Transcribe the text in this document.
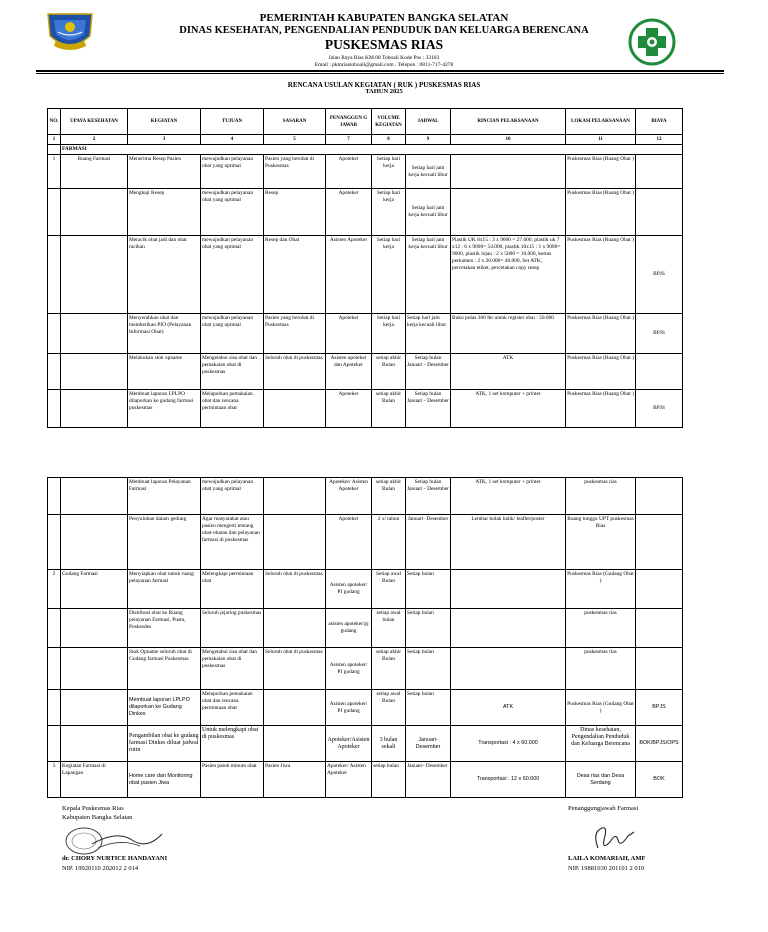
PEMERINTAH KABUPATEN BANGKA SELATAN
DINAS KESEHATAN, PENGENDALIAN PENDUDUK DAN KELUARGA BERENCANA
PUSKESMAS RIAS
Jalan Raya Rias KM.08 Toboali Kode Pos : 33183
Email : pkmriastoboali@gmail.com . Telepon : 0811-717-4278
RENCANA USULAN KEGIATAN ( RUK ) PUSKESMAS RIAS
TAHUN 2025
NO.	UPAYA KESEHATAN	KEGIATAN	TUJUAN	SASARAN	PENANGGUN G JAWAB	VOLUME KEGIATAN	JADWAL	RINCIAN PELAKSANAAN	LOKASI PELAKSANAAN	BIAYA
1	2	3	4	5	7	8	9	10	11	12
	FARMASI									
1	Ruang Farmasi	Menerima Resep Pasien	mewujudkan pelayanan obat yang optimal	Pasien yang berobat di Puskesmas	Apoteker	Setiap hari kerja	Setiap hari jam kerja kecuali libur		Puskesmas Rias (Ruang Obat )	
		Mengkaji Resep	mewujudkan pelayanan obat yang optimal	Resep	Apoteker	Setiap hari kerja	Setiap hari jam kerja kecuali libur		Puskesmas Rias (Ruang Obat )	
		Meracik obat jadi dan obat racikan	mewujudkan pelayanan obat yang optimal	Resep dan Obat	Asisten Apoteker	Setiap hari kerja	Setiap hari jam kerja kecuali libur	Plastik UK 8x15 : 3 x 9000 = 27.000, plastik uk 7 x12 : 6 x 9000= 54.000, plastik 10x15 : 1 x 9000= 9000, plastik lojau : 2 x 5000 = 10.000, kertas perkamen : 2 x 20.000= 40.000, Set ATK, percetakan etiket, percetakan copy resep	Puskesmas Rias (Ruang Obat )	BPJS
		Menyerahkan obat dan memberikan PIO (Pelayanan Informasi Obat)	mewujudkan pelayanan obat yang optimal	Pasien yang berobat di Puskesmas	Apoteker	Setiap hari kerja	Setiap hari jam kerja kecuali libur	Buku polas 300 lbr untuk register obat : 50.000	Puskesmas Rias (Ruang Obat )	BPJS
		Melakukan stok opname	Mengetahui sisa obat dan pemakaian obat di puskesmas	Seluruh obat di puskesmas	Asisten apoteker dan Apoteker	setiap akhir Bulan	Setiap bulan Januari - Desember	ATK	Puskesmas Rias (Ruang Obat )	
		Membuat laporan LPLPO dilaporkan ke gudang farmasi puskesmas	Melaporkan pemakaian obat dan rencana permintaan obat		Apoteker	setiap akhir Bulan	Setiap bulan Januari - Desember	ATK, 1 set komputer + printer	Puskesmas Rias (Ruang Obat )	BPJS
		Membuat laporan Pelayanan Farmasi	mewujudkan pelayanan obat yang optimal		Apoteker/ Asisten Apoteker	setiap akhir Bulan	Setiap bulan Januari - Desember	ATK, 1 set komputer + printer	puskesmas rias	
		Penyuluhan dalam gedung	Agar masyarakat atau pasien mengerti tentang obat-obatan dan pelayanan farmasi di puskesmas		Apoteker	2 x/ tahun	Januari- Desember	Lembar bolak balik/ leaflet/poster	Ruang tunggu UPT puskesmas Rias	
2	Gudang Farmasi	Menyiapkan obat untuk ruang pelayanan farmasi	Melengkapi permintaan obat	Seluruh obat di puskesmas	Asisten apoteker/ PJ gudang	Setiap awal Bulan	Setiap bulan		Puskesmas Rias (Gudang Obat )	
		Distribusi obat ke Ruang pelayanan Farmasi, Pustu, Poskesdes	Seluruh jejaring puskesmas		asisten apoteker/pj gudang	setiap awal bulan	Setiap bulan		puskesmas rias	
		Stok Opname seluruh obat di Gudang farmasi Puskesmas	Mengetahui sisa obat dan pemakaian obat di puskesmas	Seluruh obat di puskesmas	Asisten apoteker/ PJ gudang	setiap akhir Bulan	Setiap bulan		puskesmas rias	
		Membuat laporan LPLPO dilaporkan ke Gudang Dinkes	Melaporkan pemakaian obat dan rencana permintaan obat		Asisten apoteker/ PJ gudang	setiap awal Bulan	Setiap bulan	ATK	Puskesmas Rias (Gudang Obat )	BPJS
		Pengambilan obat ke gudang farmasi Dinkes diluar jadwal rutin	Untuk melengkapi obat di puskesmas		Apoteker/Asisten Apoteker	3 bulan sekali	Januari- Desember	Transportasi : 4 x 60.000	Dinas kesehatan, Pengendalian Penduduk dan Keluarga Berencana	BOK/BPJS/OPS
3	Kegiatan Farmasi di Lapangan	Home care dan Monitoring obat pasien Jiwa	Pasien patuh minum obat	Pasien Jiwa	Apoteker/ Asisten Apoteker	setiap bulan	Januari- Desember	Transportasi : 12 x 60.000	Desa rias dan Desa Serdang	BOK
Kepala Puskesmas Rias
Kabupaten Bangka Selatan
dr. CHORY NURTICE HANDAYANI
NIP. 19920110 202012 2 014
Penanggungjawab Farmasi
LAILA KOMARIAH, AMF
NIP. 19881030 201101 2 010
